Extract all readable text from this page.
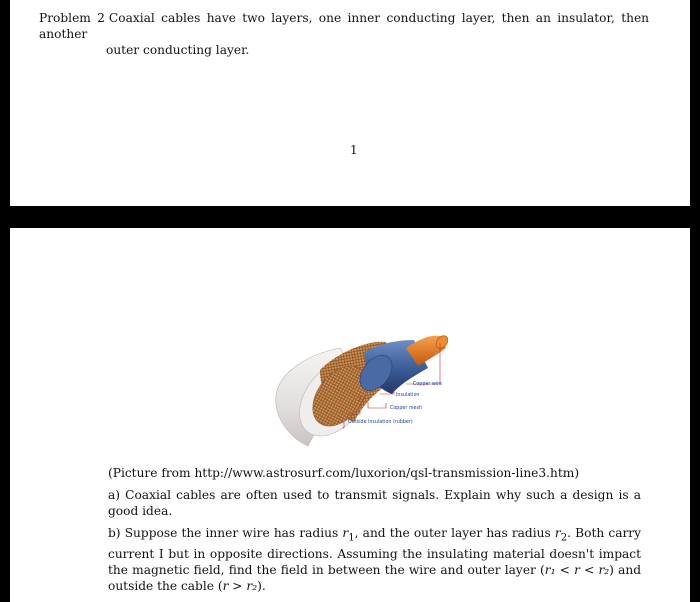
Problem 2 Coaxial cables have two layers, one inner conducting layer, then an insulator, then another
outer conducting layer.
1
Copper wire
Insulation
Copper mesh
Outside insulation (rubber)

(Picture from http://www.astrosurf.com/luxorion/qsl-transmission-line3.htm)

a) Coaxial cables are often used to transmit signals. Explain why such a design is a good idea.

b) Suppose the inner wire has radius $r_1$, and the outer layer has radius $r_2$. Both carry current I but in opposite directions. Assuming the insulating material doesn't impact the magnetic field, find the field in between the wire and outer layer (r₁ < r < r₂) and outside the cable (r > r₂).
